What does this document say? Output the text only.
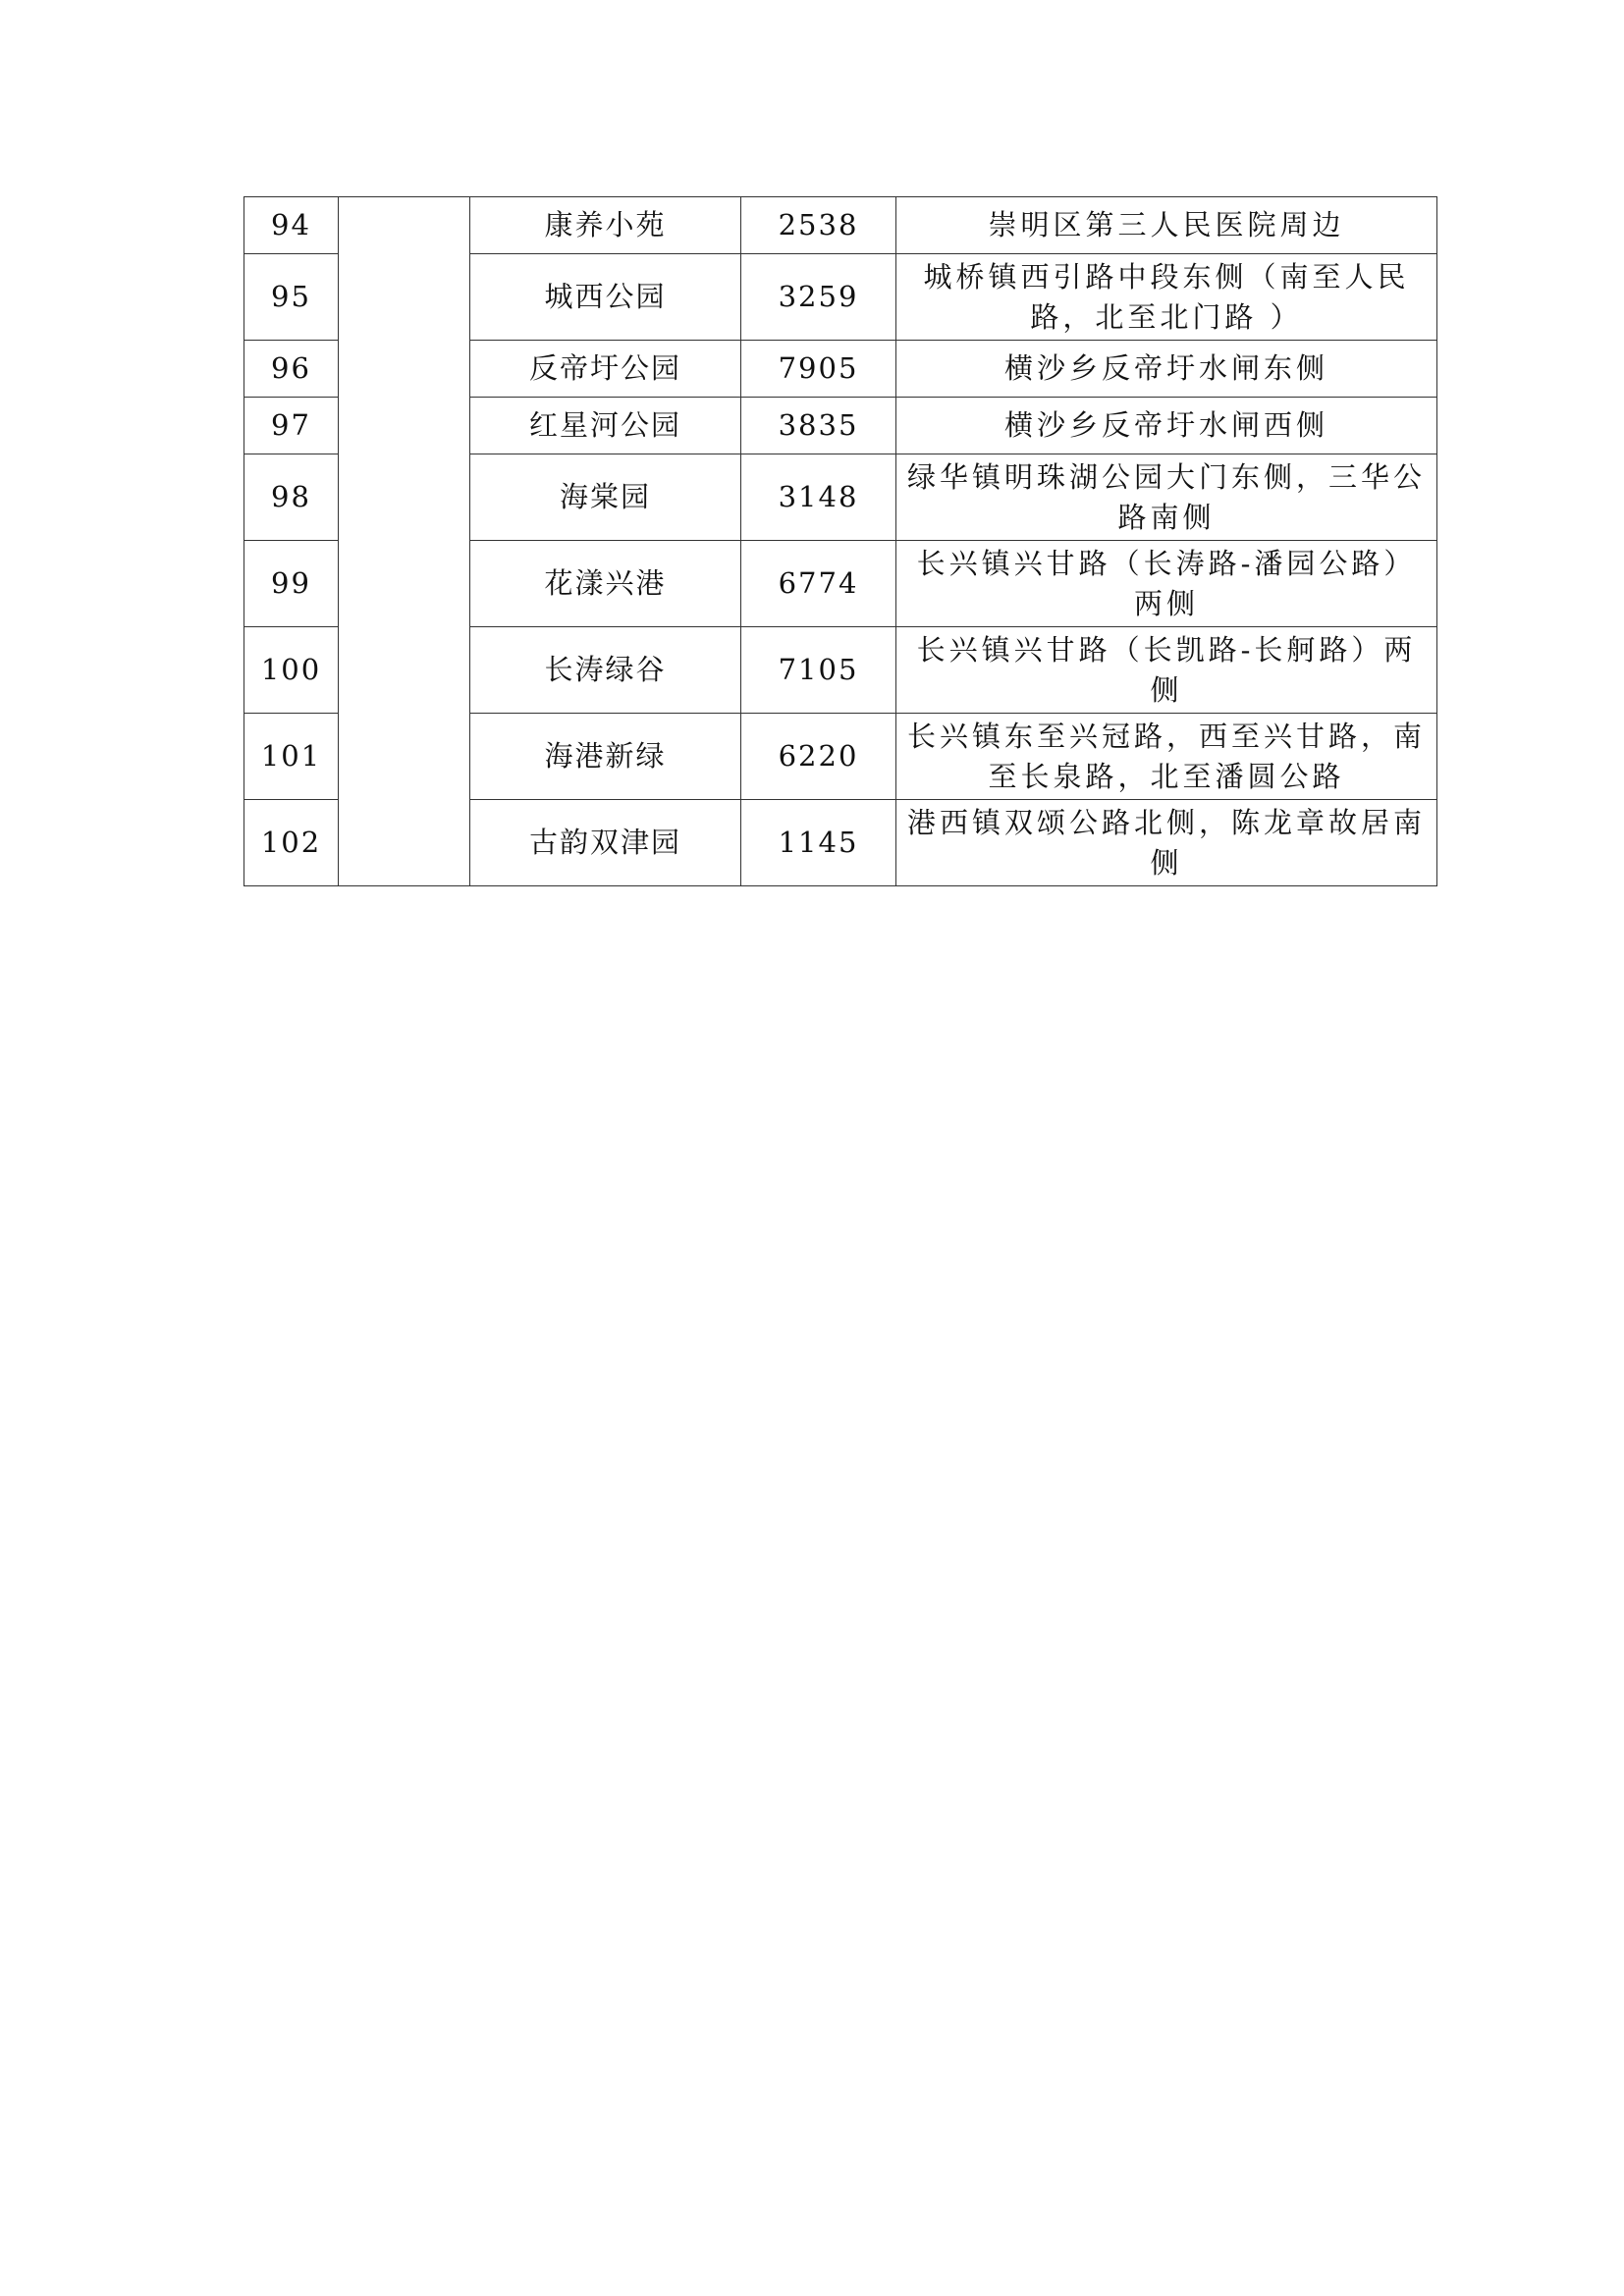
94		康养小苑	2538	崇明区第三人民医院周边
95		城西公园	3259	城桥镇西引路中段东侧（南至人民路，北至北门路 ）
96		反帝圩公园	7905	横沙乡反帝圩水闸东侧
97		红星河公园	3835	横沙乡反帝圩水闸西侧
98		海棠园	3148	绿华镇明珠湖公园大门东侧，三华公路南侧
99		花漾兴港	6774	长兴镇兴甘路（长涛路-潘园公路）两侧
100		长涛绿谷	7105	长兴镇兴甘路（长凯路-长舸路）两侧
101		海港新绿	6220	长兴镇东至兴冠路，西至兴甘路，南至长泉路，北至潘圆公路
102		古韵双津园	1145	港西镇双颂公路北侧，陈龙章故居南侧
